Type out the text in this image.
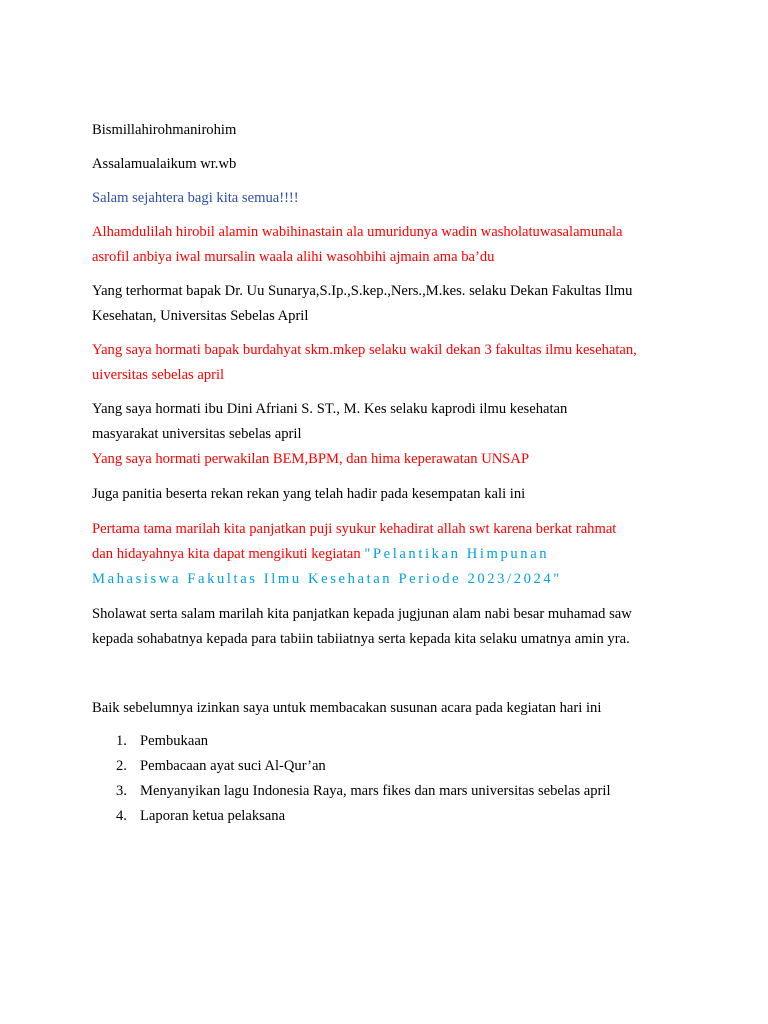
Bismillahirohmanirohim

Assalamualaikum wr.wb

Salam sejahtera bagi kita semua!!!!

Alhamdulilah hirobil alamin wabihinastain ala umuridunya wadin washolatuwasalamunala

asrofil anbiya iwal mursalin waala alihi wasohbihi ajmain ama ba’du

Yang terhormat bapak Dr. Uu Sunarya,S.Ip.,S.kep.,Ners.,M.kes. selaku Dekan Fakultas Ilmu

Kesehatan, Universitas Sebelas April

Yang saya hormati bapak burdahyat skm.mkep selaku wakil dekan 3 fakultas ilmu kesehatan,

uiversitas sebelas april

Yang saya hormati ibu Dini Afriani S. ST., M. Kes selaku kaprodi ilmu kesehatan

masyarakat universitas sebelas april

Yang saya hormati perwakilan BEM,BPM, dan hima keperawatan UNSAP

Juga panitia beserta rekan rekan yang telah hadir pada kesempatan kali ini

Pertama tama marilah kita panjatkan puji syukur kehadirat allah swt karena berkat rahmat

dan hidayahnya kita dapat mengikuti kegiatan "Pelantikan Himpunan

Mahasiswa Fakultas Ilmu Kesehatan Periode 2023/2024"

Sholawat serta salam marilah kita panjatkan kepada jugjunan alam nabi besar muhamad saw

kepada sohabatnya kepada para tabiin tabiiatnya serta kepada kita selaku umatnya amin yra.

Baik sebelumnya izinkan saya untuk membacakan susunan acara pada kegiatan hari ini

1. Pembukaan
2. Pembacaan ayat suci Al-Qur’an
3. Menyanyikan lagu Indonesia Raya, mars fikes dan mars universitas sebelas april
4. Laporan ketua pelaksana
